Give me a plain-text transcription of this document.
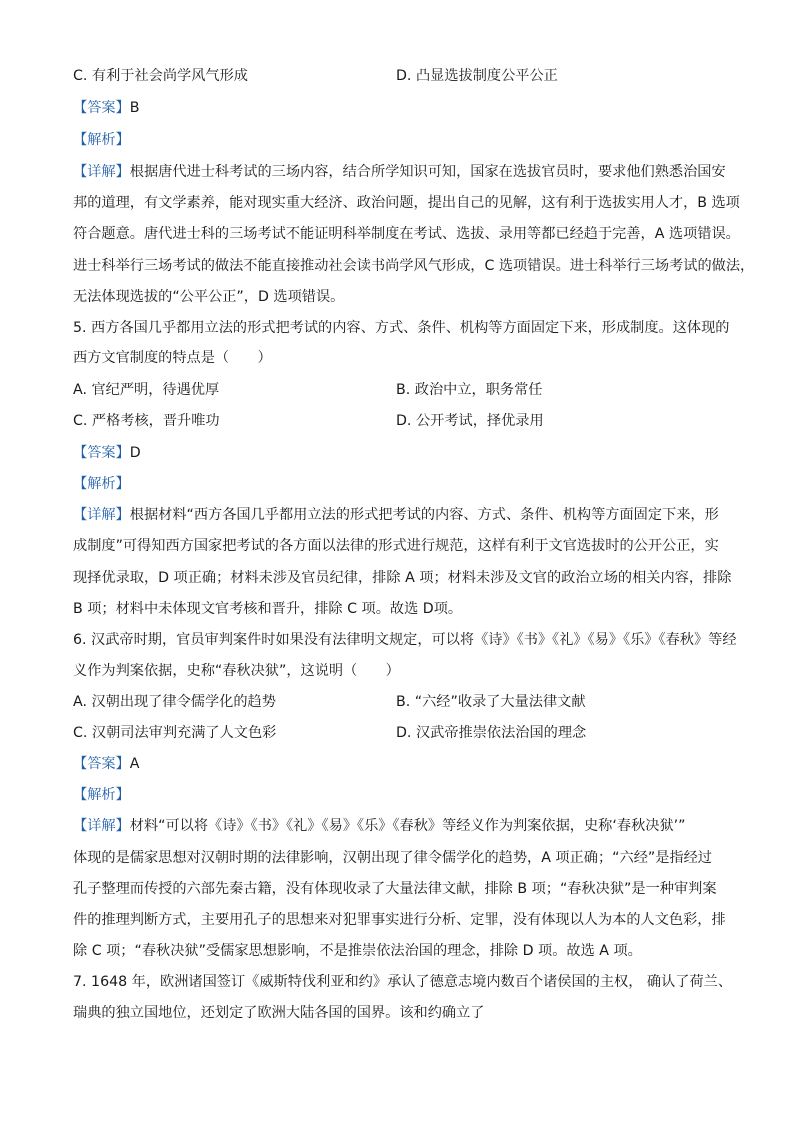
C. 有利于社会尚学风气形成	D. 凸显选拔制度公平公正
【答案】B
【解析】
【详解】根据唐代进士科考试的三场内容，结合所学知识可知，国家在选拔官员时，要求他们熟悉治国安
邦的道理，有文学素养，能对现实重大经济、政治问题，提出自己的见解，这有利于选拔实用人才，B 选项
符合题意。唐代进士科的三场考试不能证明科举制度在考试、选拔、录用等都已经趋于完善，A 选项错误。
进士科举行三场考试的做法不能直接推动社会读书尚学风气形成，C 选项错误。进士科举行三场考试的做法，
无法体现选拔的“公平公正”，D 选项错误。
5. 西方各国几乎都用立法的形式把考试的内容、方式、条件、机构等方面固定下来，形成制度。这体现的
西方文官制度的特点是（　　）
A. 官纪严明，待遇优厚	B. 政治中立，职务常任
C. 严格考核，晋升唯功	D. 公开考试，择优录用
【答案】D
【解析】
【详解】根据材料“西方各国几乎都用立法的形式把考试的内容、方式、条件、机构等方面固定下来，形
成制度”可得知西方国家把考试的各方面以法律的形式进行规范，这样有利于文官选拔时的公开公正，实
现择优录取，D 项正确；材料未涉及官员纪律，排除 A 项；材料未涉及文官的政治立场的相关内容，排除
B 项；材料中未体现文官考核和晋升，排除 C 项。故选 D项。
6. 汉武帝时期，官员审判案件时如果没有法律明文规定，可以将《诗》《书》《礼》《易》《乐》《春秋》等经
义作为判案依据，史称“春秋决狱”，这说明（　　）
A. 汉朝出现了律令儒学化的趋势	B. “六经”收录了大量法律文献
C. 汉朝司法审判充满了人文色彩	D. 汉武帝推崇依法治国的理念
【答案】A
【解析】
【详解】材料“可以将《诗》《书》《礼》《易》《乐》《春秋》等经义作为判案依据，史称‘春秋决狱’”
体现的是儒家思想对汉朝时期的法律影响，汉朝出现了律令儒学化的趋势，A 项正确；“六经”是指经过
孔子整理而传授的六部先秦古籍，没有体现收录了大量法律文献，排除 B 项；“春秋决狱”是一种审判案
件的推理判断方式，主要用孔子的思想来对犯罪事实进行分析、定罪，没有体现以人为本的人文色彩，排
除 C 项；“春秋决狱”受儒家思想影响，不是推崇依法治国的理念，排除 D 项。故选 A 项。
7. 1648 年，欧洲诸国签订《威斯特伐利亚和约》承认了德意志境内数百个诸侯国的主权， 确认了荷兰、
瑞典的独立国地位，还划定了欧洲大陆各国的国界。该和约确立了
